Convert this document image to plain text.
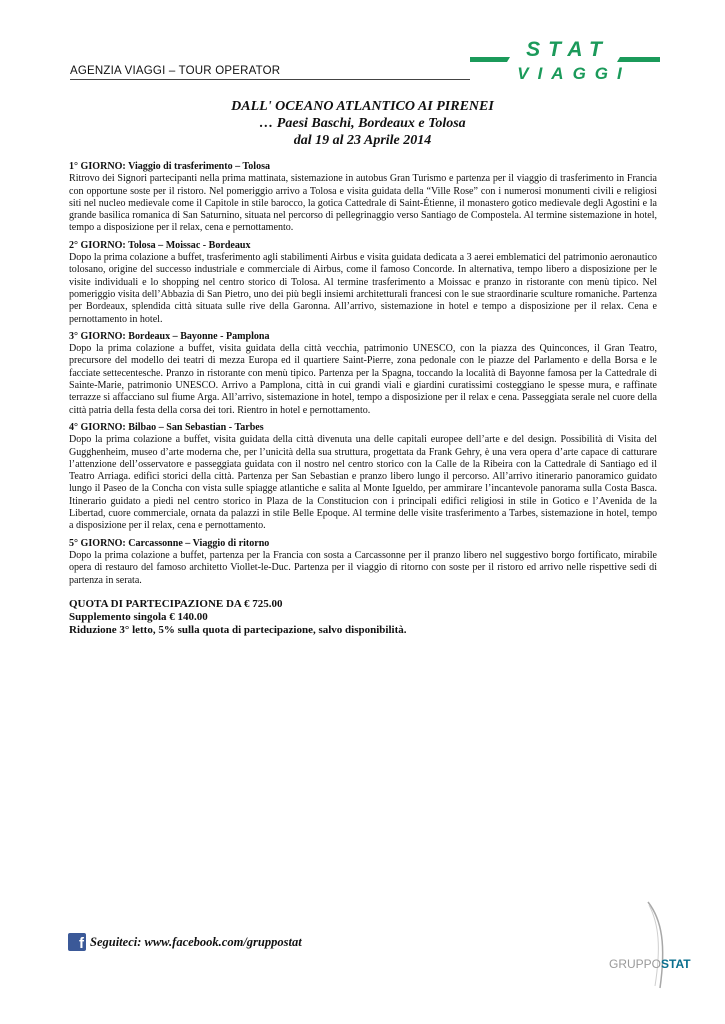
AGENZIA VIAGGI – TOUR OPERATOR
STAT
VIAGGI
DALL' OCEANO ATLANTICO AI PIRENEI
… Paesi Baschi, Bordeaux e Tolosa
dal 19 al 23 Aprile 2014
1° GIORNO: Viaggio di trasferimento – Tolosa
Ritrovo dei Signori partecipanti nella prima mattinata, sistemazione in autobus Gran Turismo e partenza per il viaggio di trasferimento in Francia con opportune soste per il ristoro. Nel pomeriggio arrivo a Tolosa e visita guidata della “Ville Rose” con i numerosi monumenti civili e religiosi siti nel nucleo medievale come il Capitole in stile barocco, la gotica Cattedrale di Saint-Étienne, il monastero gotico medievale degli Agostini e la grande basilica romanica di San Saturnino, situata nel percorso di pellegrinaggio verso Santiago de Compostela. Al termine sistemazione in hotel, tempo a disposizione per il relax, cena e pernottamento.
2° GIORNO: Tolosa – Moissac - Bordeaux
Dopo la prima colazione a buffet, trasferimento agli stabilimenti Airbus e visita guidata dedicata a 3 aerei emblematici del patrimonio aeronautico tolosano, origine del successo industriale e commerciale di Airbus, come il famoso Concorde. In alternativa, tempo libero a disposizione per le visite individuali e lo shopping nel centro storico di Tolosa. Al termine trasferimento a Moissac e pranzo in ristorante con menù tipico. Nel pomeriggio visita dell’Abbazia di San Pietro, uno dei più begli insiemi architetturali francesi con le sue straordinarie sculture romaniche. Partenza per Bordeaux, splendida città situata sulle rive della Garonna. All’arrivo, sistemazione in hotel e tempo a disposizione per il relax. Cena e pernottamento in hotel.
3° GIORNO: Bordeaux – Bayonne - Pamplona
Dopo la prima colazione a buffet, visita guidata della città vecchia, patrimonio UNESCO, con la piazza des Quinconces, il Gran Teatro, precursore del modello dei teatri di mezza Europa ed il quartiere Saint-Pierre, zona pedonale con le piazze del Parlamento e della Borsa e le facciate settecentesche. Pranzo in ristorante con menù tipico. Partenza per la Spagna, toccando la località di Bayonne famosa per la Cattedrale di Sainte-Marie, patrimonio UNESCO. Arrivo a Pamplona, città in cui grandi viali e giardini curatissimi costeggiano le spesse mura, e raffinate terrazze si affacciano sul fiume Arga. All’arrivo, sistemazione in hotel, tempo a disposizione per il relax e cena. Passeggiata serale nel cuore della città patria della festa della corsa dei tori. Rientro in hotel e pernottamento.
4° GIORNO: Bilbao – San Sebastian - Tarbes
Dopo la prima colazione a buffet, visita guidata della città divenuta una delle capitali europee dell’arte e del design. Possibilità di Visita del Gugghenheim, museo d’arte moderna che, per l’unicità della sua struttura, progettata da Frank Gehry, è una vera opera d’arte capace di catturare l’attenzione dell’osservatore e passeggiata guidata con il nostro nel centro storico con la Calle de la Ribeira con la Cattedrale di Santiago ed il Teatro Arriaga. edifici storici della città. Partenza per San Sebastian e pranzo libero lungo il percorso. All’arrivo itinerario panoramico guidato lungo il Paseo de la Concha con vista sulle spiagge atlantiche e salita al Monte Igueldo, per ammirare l’incantevole panorama sulla Costa Basca. Itinerario guidato a piedi nel centro storico in Plaza de la Constitucion con i principali edifici religiosi in stile in Gotico e l’Avenida de la Libertad, cuore commerciale, ornata da palazzi in stile Belle Epoque. Al termine delle visite trasferimento a Tarbes, sistemazione in hotel, tempo a disposizione per il relax, cena e pernottamento.
5° GIORNO: Carcassonne – Viaggio di ritorno
Dopo la prima colazione a buffet, partenza per la Francia con sosta a Carcassonne per il pranzo libero nel suggestivo borgo fortificato, mirabile opera di restauro del famoso architetto Viollet-le-Duc. Partenza per il viaggio di ritorno con soste per il ristoro ed arrivo nelle rispettive sedi di partenza in serata.
QUOTA DI PARTECIPAZIONE DA € 725.00
Supplemento singola € 140.00
Riduzione 3° letto, 5% sulla quota di partecipazione, salvo disponibilità.
f Seguiteci: www.facebook.com/gruppostat
GRUPPOSTAT
